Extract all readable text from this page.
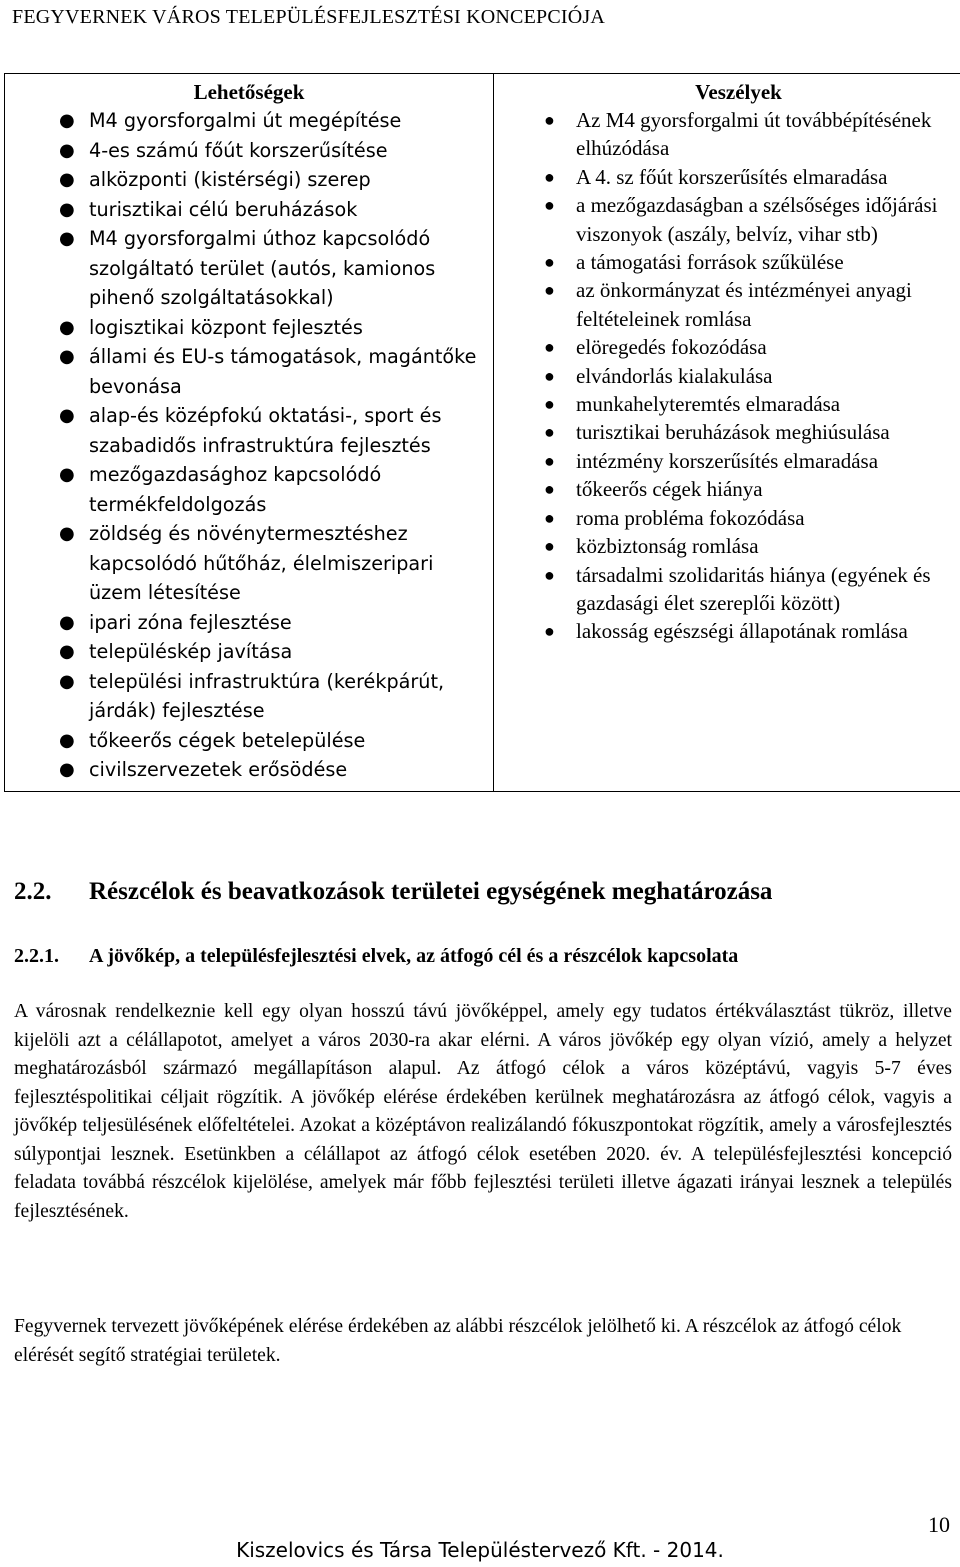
FEGYVERNEK VÁROS TELEPÜLÉSFEJLESZTÉSI KONCEPCIÓJA
Lehetőségek
● M4 gyorsforgalmi út megépítése
● 4-es számú főút korszerűsítése
● alközponti (kistérségi) szerep
● turisztikai célú beruházások
● M4 gyorsforgalmi úthoz kapcsolódó szolgáltató terület (autós, kamionos pihenő szolgáltatásokkal)
● logisztikai központ fejlesztés
● állami és EU-s támogatások, magántőke bevonása
● alap-és középfokú oktatási-, sport és szabadidős infrastruktúra fejlesztés
● mezőgazdasághoz kapcsolódó termékfeldolgozás
● zöldség és növénytermesztéshez kapcsolódó hűtőház, élelmiszeripari üzem létesítése
● ipari zóna fejlesztése
● településkép javítása
● települési infrastruktúra (kerékpárút, járdák) fejlesztése
● tőkeerős cégek betelepülése
● civilszervezetek erősödése

Veszélyek
● Az M4 gyorsforgalmi út továbbépítésének elhúzódása
● A 4. sz főút korszerűsítés elmaradása
● a mezőgazdaságban a szélsőséges időjárási viszonyok (aszály, belvíz, vihar stb)
● a támogatási források szűkülése
● az önkormányzat és intézményei anyagi feltételeinek romlása
● elöregedés fokozódása
● elvándorlás kialakulása
● munkahelyteremtés elmaradása
● turisztikai beruházások meghiúsulása
● intézmény korszerűsítés elmaradása
● tőkeerős cégek hiánya
● roma probléma fokozódása
● közbiztonság romlása
● társadalmi szolidaritás hiánya (egyének és gazdasági élet szereplői között)
● lakosság egészségi állapotának romlása
2.2. Részcélok és beavatkozások területei egységének meghatározása
2.2.1. A jövőkép, a településfejlesztési elvek, az átfogó cél és a részcélok kapcsolata

A városnak rendelkeznie kell egy olyan hosszú távú jövőképpel, amely egy tudatos értékválasztást tükröz, illetve kijelöli azt a célállapotot, amelyet a város 2030-ra akar elérni. A város jövőkép egy olyan vízió, amely a helyzet meghatározásból származó megállapításon alapul. Az átfogó célok a város középtávú, vagyis 5-7 éves fejlesztéspolitikai céljait rögzítik. A jövőkép elérése érdekében kerülnek meghatározásra az átfogó célok, vagyis a jövőkép teljesülésének előfeltételei. Azokat a középtávon realizálandó fókuszpontokat rögzítik, amely a városfejlesztés súlypontjai lesznek. Esetünkben a célállapot az átfogó célok esetében 2020. év. A településfejlesztési koncepció feladata továbbá részcélok kijelölése, amelyek már főbb fejlesztési területi illetve ágazati irányai lesznek a település fejlesztésének.

Fegyvernek tervezett jövőképének elérése érdekében az alábbi részcélok jelölhető ki. A részcélok az átfogó célok elérését segítő stratégiai területek.

10
Kiszelovics és Társa Településtervező Kft. - 2014.
